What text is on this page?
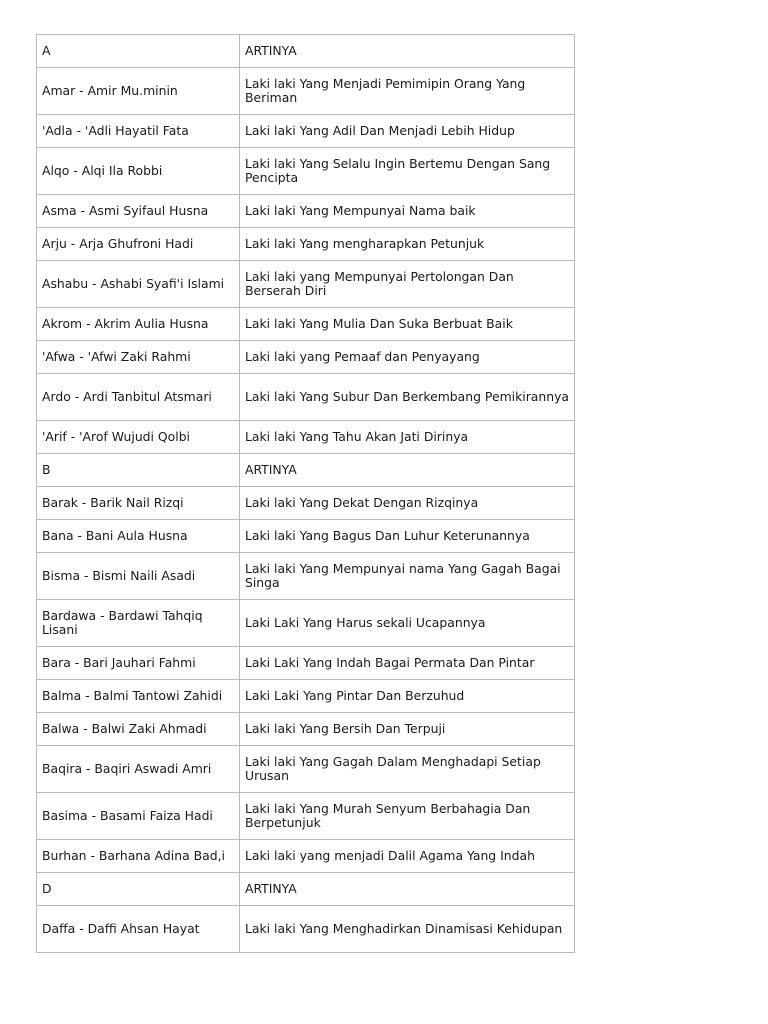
A	ARTINYA
Amar - Amir Mu.minin	Laki laki Yang Menjadi Pemimipin Orang Yang Beriman
'Adla - 'Adli Hayatil Fata	Laki laki Yang Adil Dan Menjadi Lebih Hidup
Alqo - Alqi Ila Robbi	Laki laki Yang Selalu Ingin Bertemu Dengan Sang Pencipta
Asma - Asmi Syifaul Husna	Laki laki Yang Mempunyai Nama baik
Arju - Arja Ghufroni Hadi	Laki laki Yang mengharapkan Petunjuk
Ashabu - Ashabi Syafi'i Islami	Laki laki yang Mempunyai Pertolongan Dan Berserah Diri
Akrom - Akrim Aulia Husna	Laki laki Yang Mulia Dan Suka Berbuat Baik
'Afwa - 'Afwi Zaki Rahmi	Laki laki yang Pemaaf dan Penyayang
Ardo - Ardi Tanbitul Atsmari	Laki laki Yang Subur Dan Berkembang Pemikirannya
'Arif - 'Arof Wujudi Qolbi	Laki laki Yang Tahu Akan Jati Dirinya
B	ARTINYA
Barak - Barik Nail Rizqi	Laki laki Yang Dekat Dengan Rizqinya
Bana - Bani Aula Husna	Laki laki Yang Bagus Dan Luhur Keterunannya
Bisma - Bismi Naili Asadi	Laki laki Yang Mempunyai nama Yang Gagah Bagai Singa
Bardawa - Bardawi Tahqiq Lisani	Laki Laki Yang Harus sekali Ucapannya
Bara - Bari Jauhari Fahmi	Laki Laki Yang Indah Bagai Permata Dan Pintar
Balma - Balmi Tantowi Zahidi	Laki Laki Yang Pintar Dan Berzuhud
Balwa - Balwi Zaki Ahmadi	Laki laki Yang Bersih Dan Terpuji
Baqira - Baqiri Aswadi Amri	Laki laki Yang Gagah Dalam Menghadapi Setiap Urusan
Basima - Basami Faiza Hadi	Laki laki Yang Murah Senyum Berbahagia Dan Berpetunjuk
Burhan - Barhana Adina Bad,i	Laki laki yang menjadi Dalil Agama Yang Indah
D	ARTINYA
Daffa - Daffi Ahsan Hayat	Laki laki Yang Menghadirkan Dinamisasi Kehidupan
